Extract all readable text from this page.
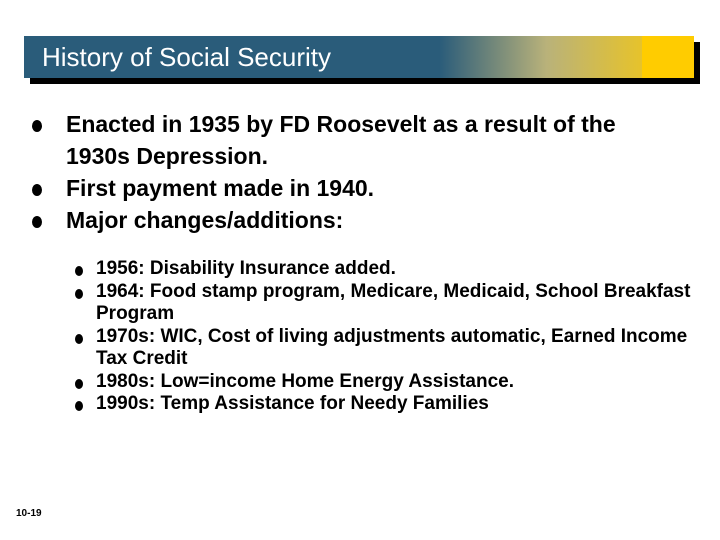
History of Social Security
Enacted in 1935 by FD Roosevelt as a result of the 1930s Depression.
First payment made in 1940.
Major changes/additions:
1956: Disability Insurance added.
1964: Food stamp program, Medicare, Medicaid, School Breakfast Program
1970s: WIC, Cost of living adjustments automatic, Earned Income Tax Credit
1980s: Low=income Home Energy Assistance.
1990s: Temp Assistance for Needy Families
10-19
